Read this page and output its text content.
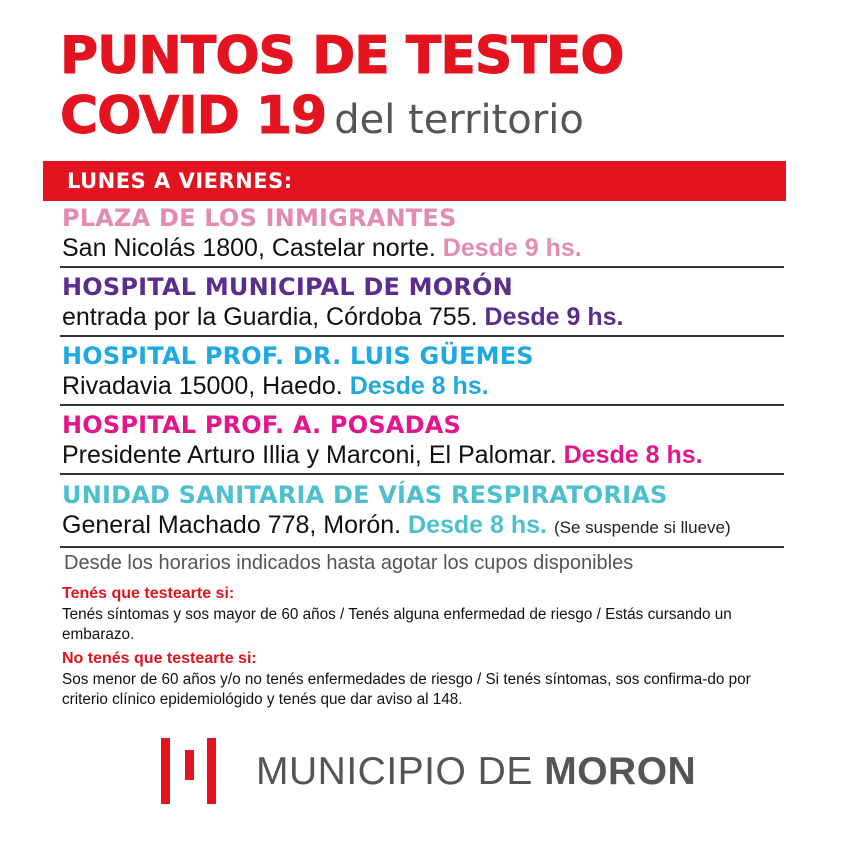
PUNTOS DE TESTEO
COVID 19 del territorio
LUNES A VIERNES:
PLAZA DE LOS INMIGRANTES
San Nicolás 1800, Castelar norte. Desde 9 hs.
HOSPITAL MUNICIPAL DE MORÓN
entrada por la Guardia, Córdoba 755. Desde 9 hs.
HOSPITAL PROF. DR. LUIS GÜEMES
Rivadavia 15000, Haedo. Desde 8 hs.
HOSPITAL PROF. A. POSADAS
Presidente Arturo Illia y Marconi, El Palomar. Desde 8 hs.
UNIDAD SANITARIA DE VÍAS RESPIRATORIAS
General Machado 778, Morón. Desde 8 hs. (Se suspende si llueve)
Desde los horarios indicados hasta agotar los cupos disponibles
Tenés que testearte si:
Tenés síntomas y sos mayor de 60 años / Tenés alguna enfermedad de riesgo / Estás cursando un embarazo.
No tenés que testearte si:
Sos menor de 60 años y/o no tenés enfermedades de riesgo / Si tenés síntomas, sos confirma-do por criterio clínico epidemiológido y tenés que dar aviso al 148.
MUNICIPIO DE MORON
